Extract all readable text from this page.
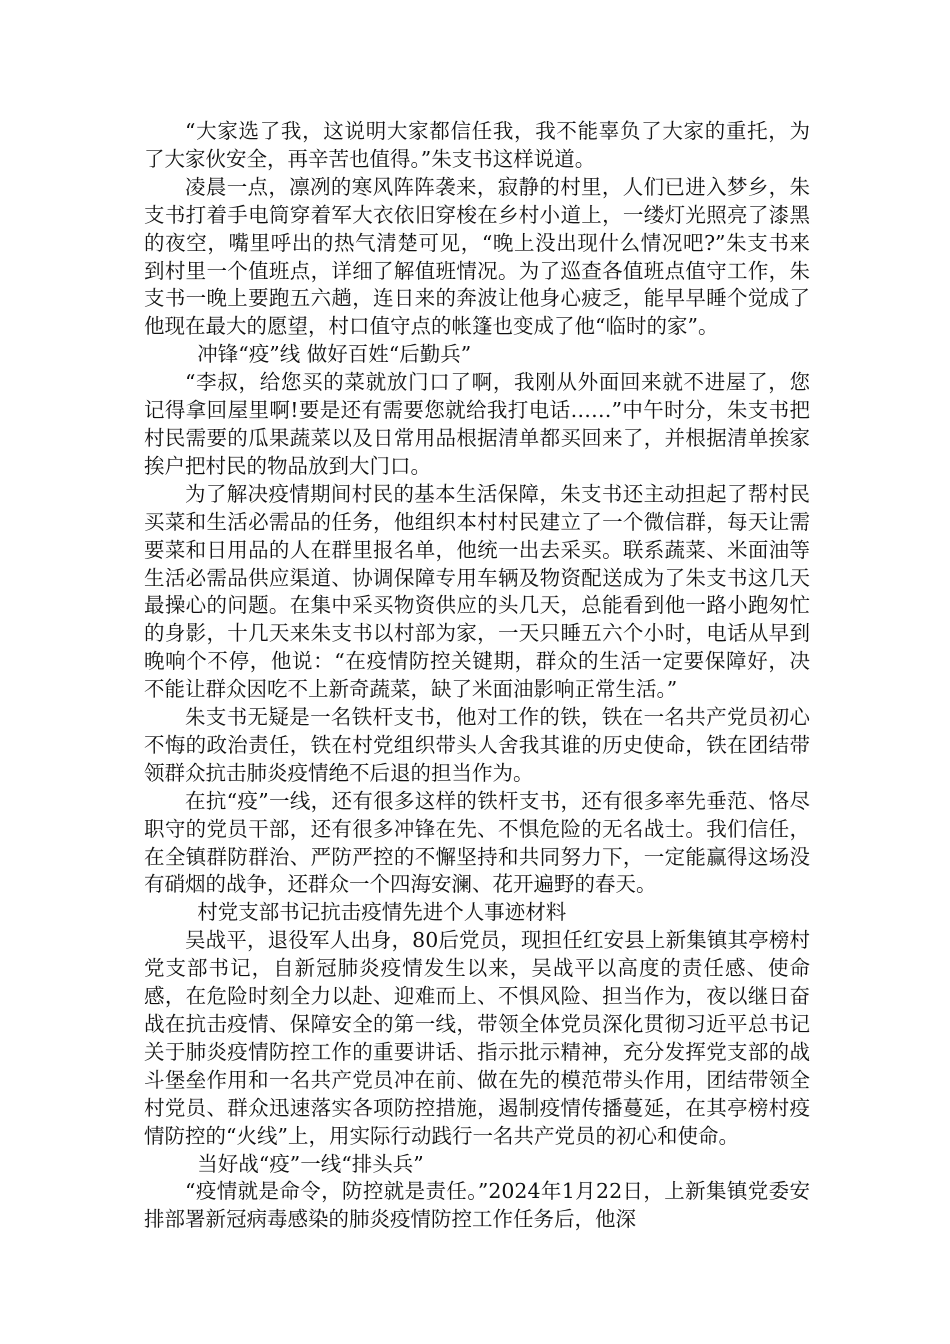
“大家选了我，这说明大家都信任我，我不能辜负了大家的重托，为了大家伙安全，再辛苦也值得。”朱支书这样说道。

凌晨一点，凛冽的寒风阵阵袭来，寂静的村里，人们已进入梦乡，朱支书打着手电筒穿着军大衣依旧穿梭在乡村小道上，一缕灯光照亮了漆黑的夜空，嘴里呼出的热气清楚可见，“晚上没出现什么情况吧?”朱支书来到村里一个值班点，详细了解值班情况。为了巡查各值班点值守工作，朱支书一晚上要跑五六趟，连日来的奔波让他身心疲乏，能早早睡个觉成了他现在最大的愿望，村口值守点的帐篷也变成了他“临时的家”。

冲锋“疫”线 做好百姓“后勤兵”

“李叔，给您买的菜就放门口了啊，我刚从外面回来就不进屋了，您记得拿回屋里啊!要是还有需要您就给我打电话……”中午时分，朱支书把村民需要的瓜果蔬菜以及日常用品根据清单都买回来了，并根据清单挨家挨户把村民的物品放到大门口。

为了解决疫情期间村民的基本生活保障，朱支书还主动担起了帮村民买菜和生活必需品的任务，他组织本村村民建立了一个微信群，每天让需要菜和日用品的人在群里报名单，他统一出去采买。联系蔬菜、米面油等生活必需品供应渠道、协调保障专用车辆及物资配送成为了朱支书这几天最操心的问题。在集中采买物资供应的头几天，总能看到他一路小跑匆忙的身影，十几天来朱支书以村部为家，一天只睡五六个小时，电话从早到晚响个不停，他说：“在疫情防控关键期，群众的生活一定要保障好，决不能让群众因吃不上新奇蔬菜，缺了米面油影响正常生活。”

朱支书无疑是一名铁杆支书，他对工作的铁，铁在一名共产党员初心不悔的政治责任，铁在村党组织带头人舍我其谁的历史使命，铁在团结带领群众抗击肺炎疫情绝不后退的担当作为。

在抗“疫”一线，还有很多这样的铁杆支书，还有很多率先垂范、恪尽职守的党员干部，还有很多冲锋在先、不惧危险的无名战士。我们信任，在全镇群防群治、严防严控的不懈坚持和共同努力下，一定能赢得这场没有硝烟的战争，还群众一个四海安澜、花开遍野的春天。

村党支部书记抗击疫情先进个人事迹材料

吴战平，退役军人出身，80后党员，现担任红安县上新集镇其亭榜村党支部书记，自新冠肺炎疫情发生以来，吴战平以高度的责任感、使命感，在危险时刻全力以赴、迎难而上、不惧风险、担当作为，夜以继日奋战在抗击疫情、保障安全的第一线，带领全体党员深化贯彻习近平总书记关于肺炎疫情防控工作的重要讲话、指示批示精神，充分发挥党支部的战斗堡垒作用和一名共产党员冲在前、做在先的模范带头作用，团结带领全村党员、群众迅速落实各项防控措施，遏制疫情传播蔓延，在其亭榜村疫情防控的“火线”上，用实际行动践行一名共产党员的初心和使命。

当好战“疫”一线“排头兵”

“疫情就是命令，防控就是责任。”2024年1月22日，上新集镇党委安排部署新冠病毒感染的肺炎疫情防控工作任务后，他深
